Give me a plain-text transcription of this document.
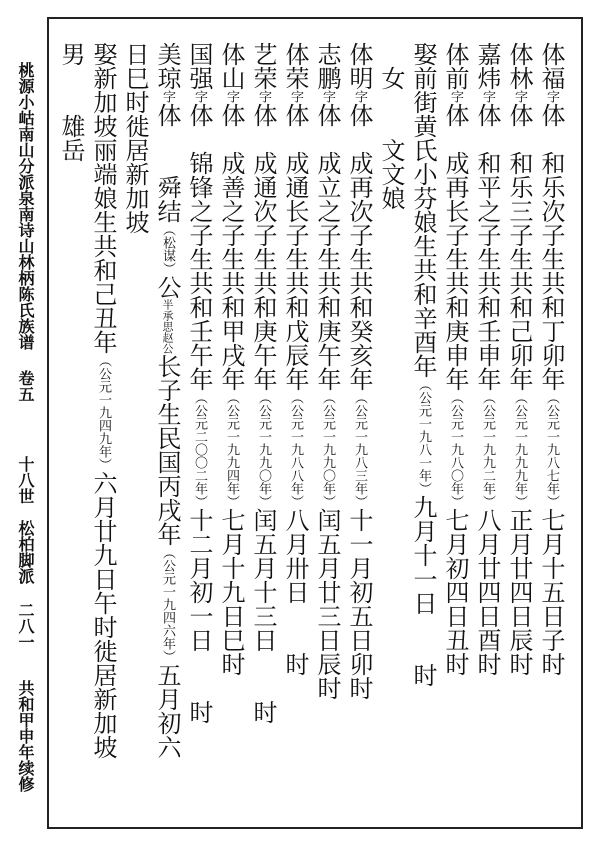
桃源小岵南山分派泉南诗山林柄陈氏族谱
卷五
十八世　松柏脚派
二八一
共和甲申年续修
体福字体　和乐次子生共和丁卯年（公元一九八七年）七月十五日子时
体林字体　和乐三子生共和己卯年（公元一九九九年）正月廿四日辰时
嘉炜字体　和平之子生共和壬申年（公元一九九二年）八月廿四日酉时
体前字体　成再长子生共和庚申年（公元一九八〇年）七月初四日丑时
娶前街黄氏小芬娘生共和辛酉年（公元一九八一年）九月十一日　　时
　女　　文文娘
体明字体　成再次子生共和癸亥年（公元一九八三年）十一月初五日卯时
志鹏字体　成立之子生共和庚午年（公元一九九〇年）闰五月廿三日辰时
体荣字体　成通长子生共和戊辰年（公元一九八八年）八月卅日　　时
艺荣字体　成通次子生共和庚午年（公元一九九〇年）闰五月十三日　　时
体山字体　成善之子生共和甲戌年（公元一九九四年）七月十九日巳时
国强字体　锦锋之子生共和壬午年（公元二〇〇二年）十二月初一日　　时
美琼字体　　舜结（松谋）公半承思赵公长子生民国丙戌年（公元一九四六年）五月初六
日巳时徙居新加坡
娶新加坡丽端娘生共和己丑年（公元一九四九年）六月廿九日午时徙居新加坡
男　　雄岳
